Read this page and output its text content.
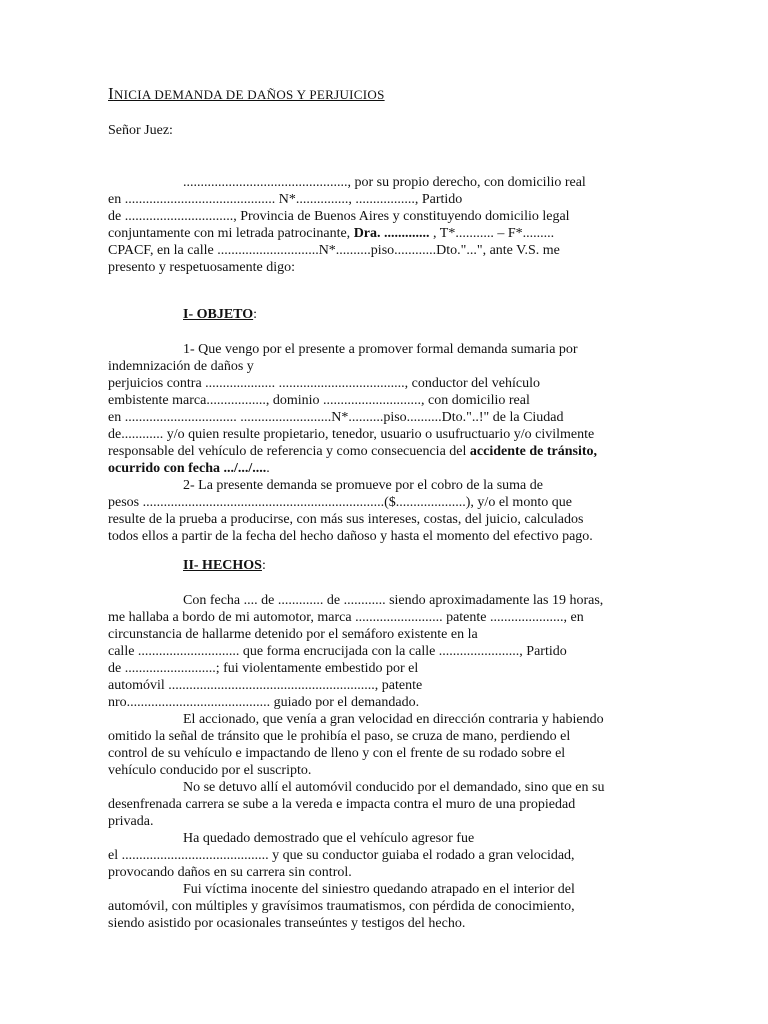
INICIA DEMANDA DE DAÑOS Y PERJUICIOS
Señor Juez:
..............................................., por su propio derecho, con domicilio real
en ........................................... N*..............., ................., Partido
de ..............................., Provincia de Buenos Aires y constituyendo domicilio legal
conjuntamente con mi letrada patrocinante, Dra. ............. , T*........... – F*.........
CPACF, en la calle .............................N*..........piso............Dto."...", ante V.S. me
presento y respetuosamente digo:
I- OBJETO:
1- Que vengo por el presente a promover formal demanda sumaria por
indemnización de daños y
perjuicios contra .................... ...................................., conductor del vehículo
embistente marca................., dominio ............................, con domicilio real
en ................................ ..........................N*..........piso..........Dto."..!" de la Ciudad
de............ y/o quien resulte propietario, tenedor, usuario o usufructuario y/o civilmente
responsable del vehículo de referencia y como consecuencia del accidente de tránsito,
ocurrido con fecha .../.../.....
2- La presente demanda se promueve por el cobro de la suma de
pesos .....................................................................($....................), y/o el monto que
resulte de la prueba a producirse, con más sus intereses, costas, del juicio, calculados
todos ellos a partir de la fecha del hecho dañoso y hasta el momento del efectivo pago.
II- HECHOS:
Con fecha .... de ............. de ............ siendo aproximadamente las 19 horas,
me hallaba a bordo de mi automotor, marca ......................... patente ....................., en
circunstancia de hallarme detenido por el semáforo existente en la
calle ............................. que forma encrucijada con la calle ......................., Partido
de ..........................; fui violentamente embestido por el
automóvil ..........................................................., patente
nro......................................... guiado por el demandado.
El accionado, que venía a gran velocidad en dirección contraria y habiendo
omitido la señal de tránsito que le prohibía el paso, se cruza de mano, perdiendo el
control de su vehículo e impactando de lleno y con el frente de su rodado sobre el
vehículo conducido por el suscripto.
No se detuvo allí el automóvil conducido por el demandado, sino que en su
desenfrenada carrera se sube a la vereda e impacta contra el muro de una propiedad
privada.
Ha quedado demostrado que el vehículo agresor fue
el .......................................... y que su conductor guiaba el rodado a gran velocidad,
provocando daños en su carrera sin control.
Fui víctima inocente del siniestro quedando atrapado en el interior del
automóvil, con múltiples y gravísimos traumatismos, con pérdida de conocimiento,
siendo asistido por ocasionales transeúntes y testigos del hecho.
